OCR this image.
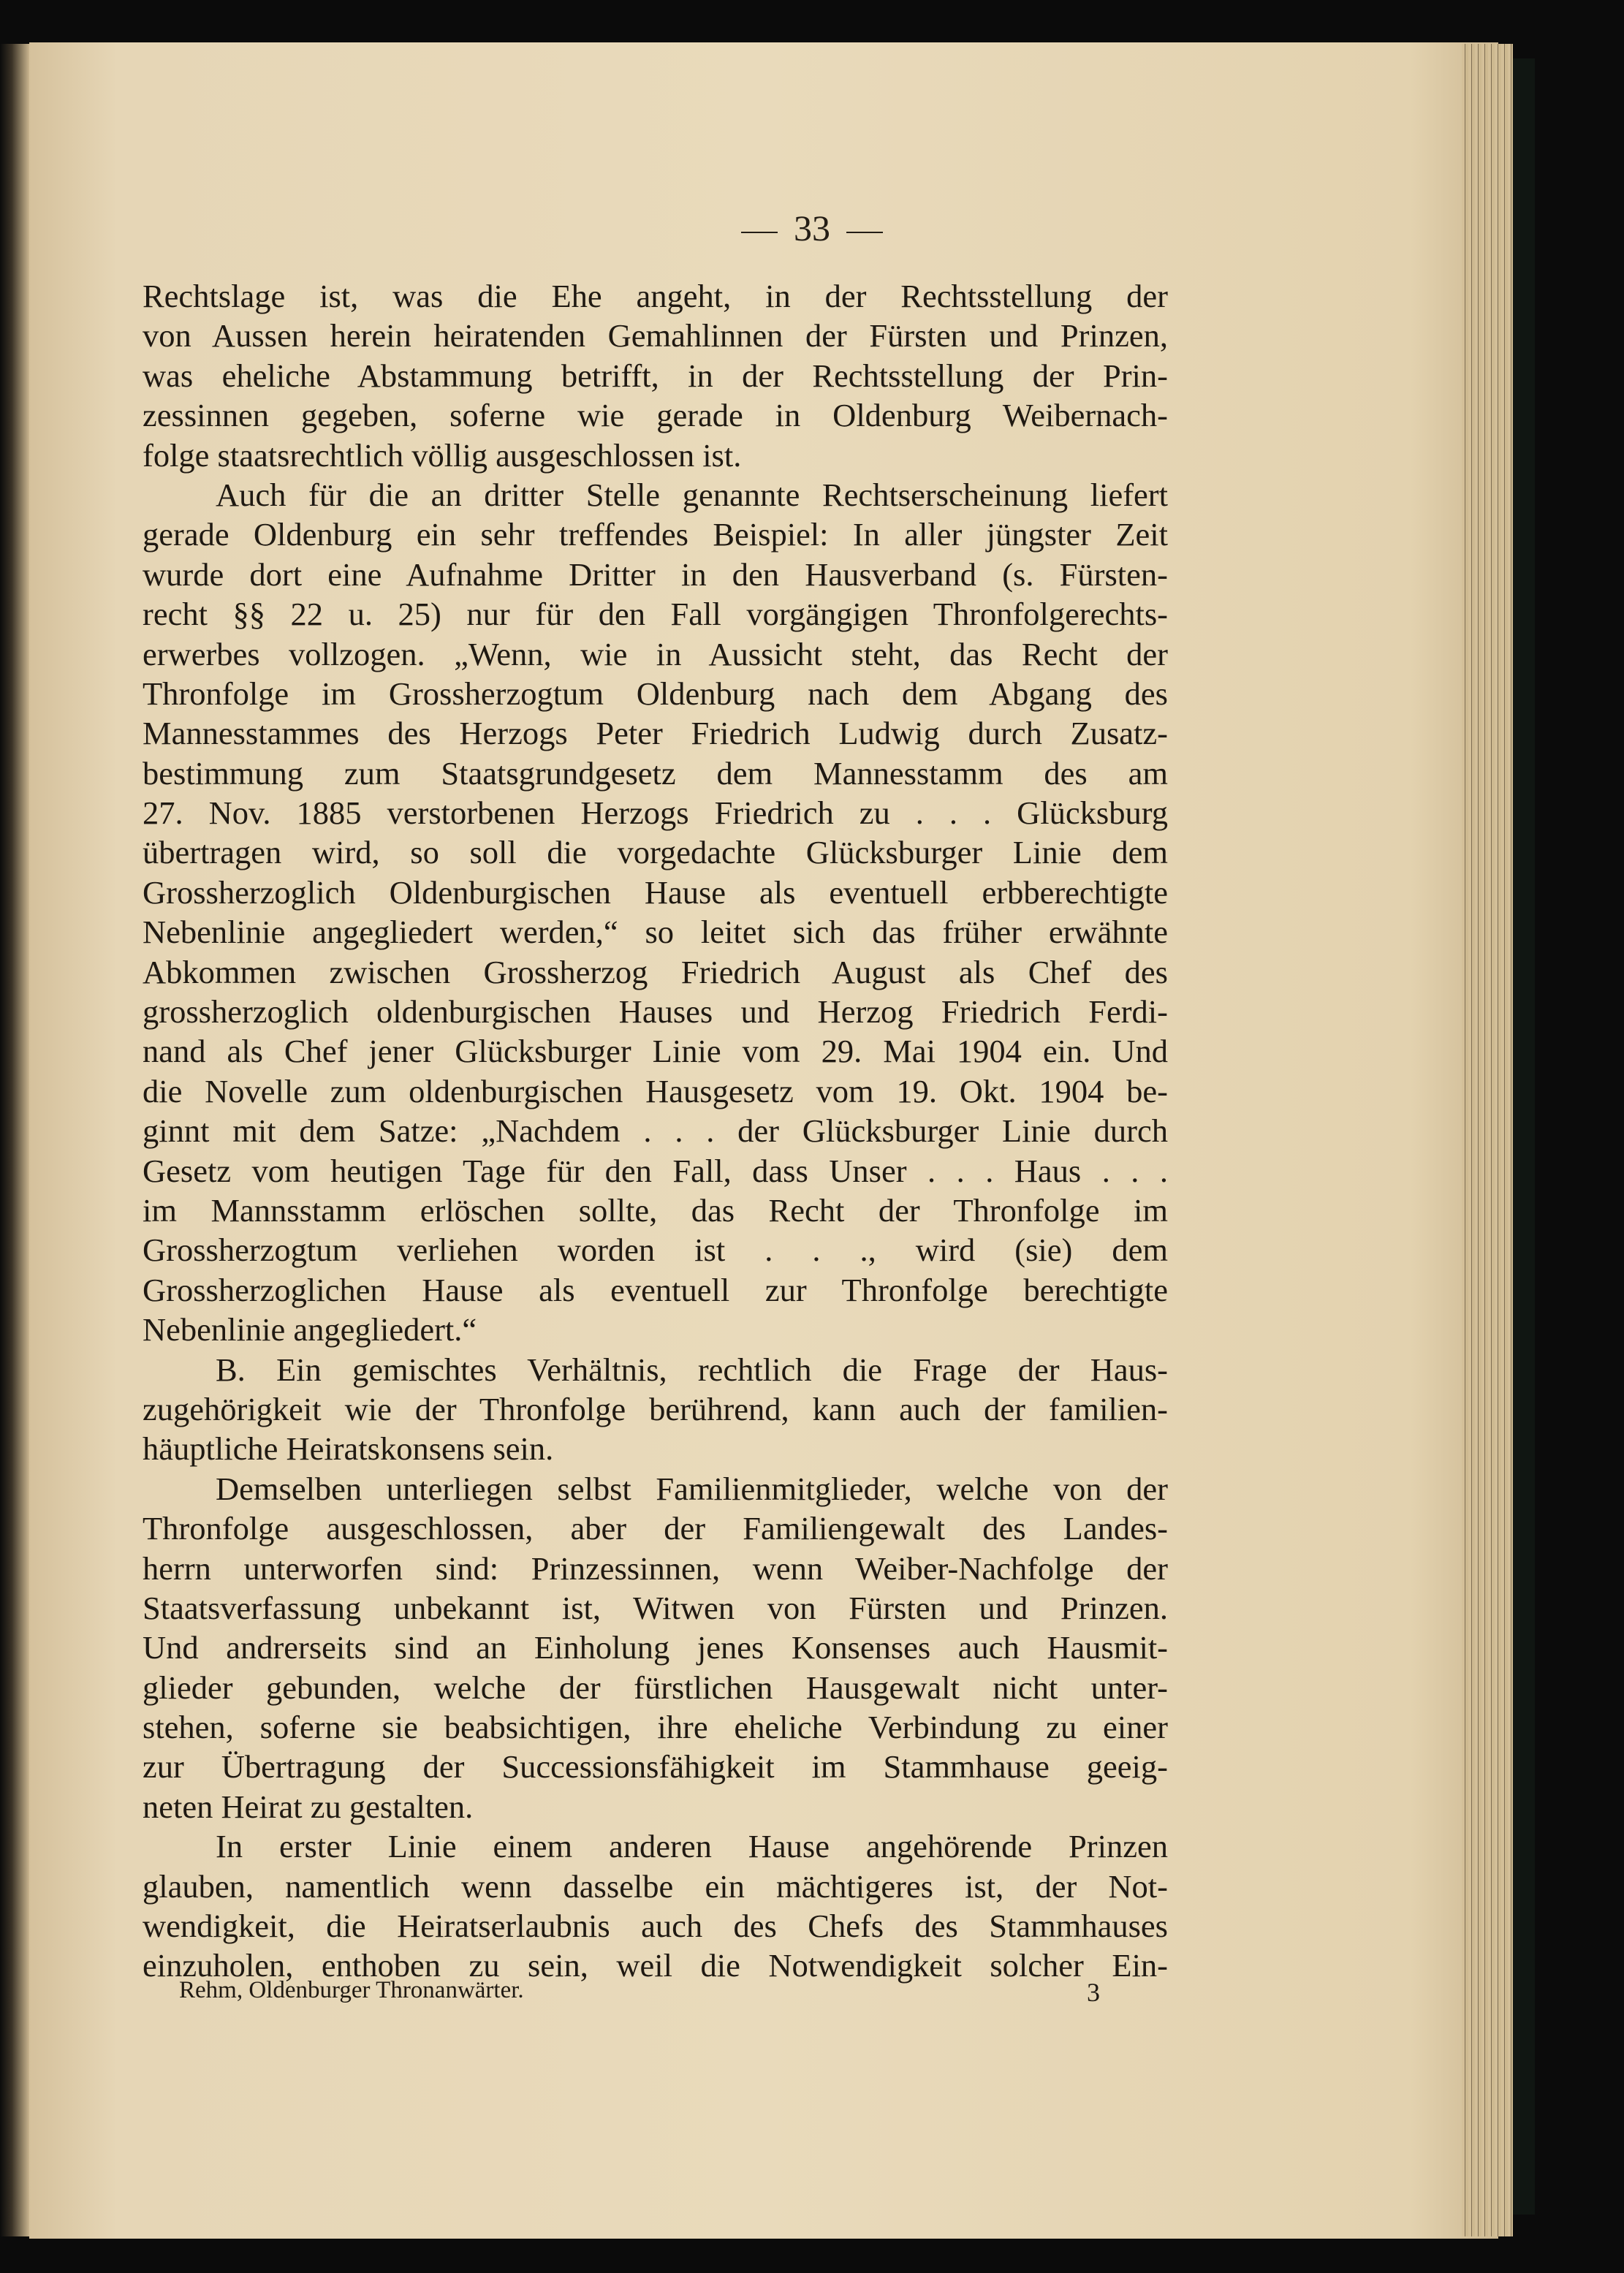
33
Rechtslage ist, was die Ehe angeht, in der Rechtsstellung der
von Aussen herein heiratenden Gemahlinnen der Fürsten und Prinzen,
was eheliche Abstammung betrifft, in der Rechtsstellung der Prin-
zessinnen gegeben, soferne wie gerade in Oldenburg Weibernach-
folge staatsrechtlich völlig ausgeschlossen ist.
Auch für die an dritter Stelle genannte Rechtserscheinung liefert
gerade Oldenburg ein sehr treffendes Beispiel: In aller jüngster Zeit
wurde dort eine Aufnahme Dritter in den Hausverband (s. Fürsten-
recht §§ 22 u. 25) nur für den Fall vorgängigen Thronfolgerechts-
erwerbes vollzogen. „Wenn, wie in Aussicht steht, das Recht der
Thronfolge im Grossherzogtum Oldenburg nach dem Abgang des
Mannesstammes des Herzogs Peter Friedrich Ludwig durch Zusatz-
bestimmung zum Staatsgrundgesetz dem Mannesstamm des am
27. Nov. 1885 verstorbenen Herzogs Friedrich zu . . . Glücksburg
übertragen wird, so soll die vorgedachte Glücksburger Linie dem
Grossherzoglich Oldenburgischen Hause als eventuell erbberechtigte
Nebenlinie angegliedert werden,“ so leitet sich das früher erwähnte
Abkommen zwischen Grossherzog Friedrich August als Chef des
grossherzoglich oldenburgischen Hauses und Herzog Friedrich Ferdi-
nand als Chef jener Glücksburger Linie vom 29. Mai 1904 ein. Und
die Novelle zum oldenburgischen Hausgesetz vom 19. Okt. 1904 be-
ginnt mit dem Satze: „Nachdem . . . der Glücksburger Linie durch
Gesetz vom heutigen Tage für den Fall, dass Unser . . . Haus . . .
im Mannsstamm erlöschen sollte, das Recht der Thronfolge im
Grossherzogtum verliehen worden ist . . ., wird (sie) dem
Grossherzoglichen Hause als eventuell zur Thronfolge berechtigte
Nebenlinie angegliedert.“
B. Ein gemischtes Verhältnis, rechtlich die Frage der Haus-
zugehörigkeit wie der Thronfolge berührend, kann auch der familien-
häuptliche Heiratskonsens sein.
Demselben unterliegen selbst Familienmitglieder, welche von der
Thronfolge ausgeschlossen, aber der Familiengewalt des Landes-
herrn unterworfen sind: Prinzessinnen, wenn Weiber-Nachfolge der
Staatsverfassung unbekannt ist, Witwen von Fürsten und Prinzen.
Und andrerseits sind an Einholung jenes Konsenses auch Hausmit-
glieder gebunden, welche der fürstlichen Hausgewalt nicht unter-
stehen, soferne sie beabsichtigen, ihre eheliche Verbindung zu einer
zur Übertragung der Successionsfähigkeit im Stammhause geeig-
neten Heirat zu gestalten.
In erster Linie einem anderen Hause angehörende Prinzen
glauben, namentlich wenn dasselbe ein mächtigeres ist, der Not-
wendigkeit, die Heiratserlaubnis auch des Chefs des Stammhauses
einzuholen, enthoben zu sein, weil die Notwendigkeit solcher Ein-
Rehm, Oldenburger Thronanwärter.	3
